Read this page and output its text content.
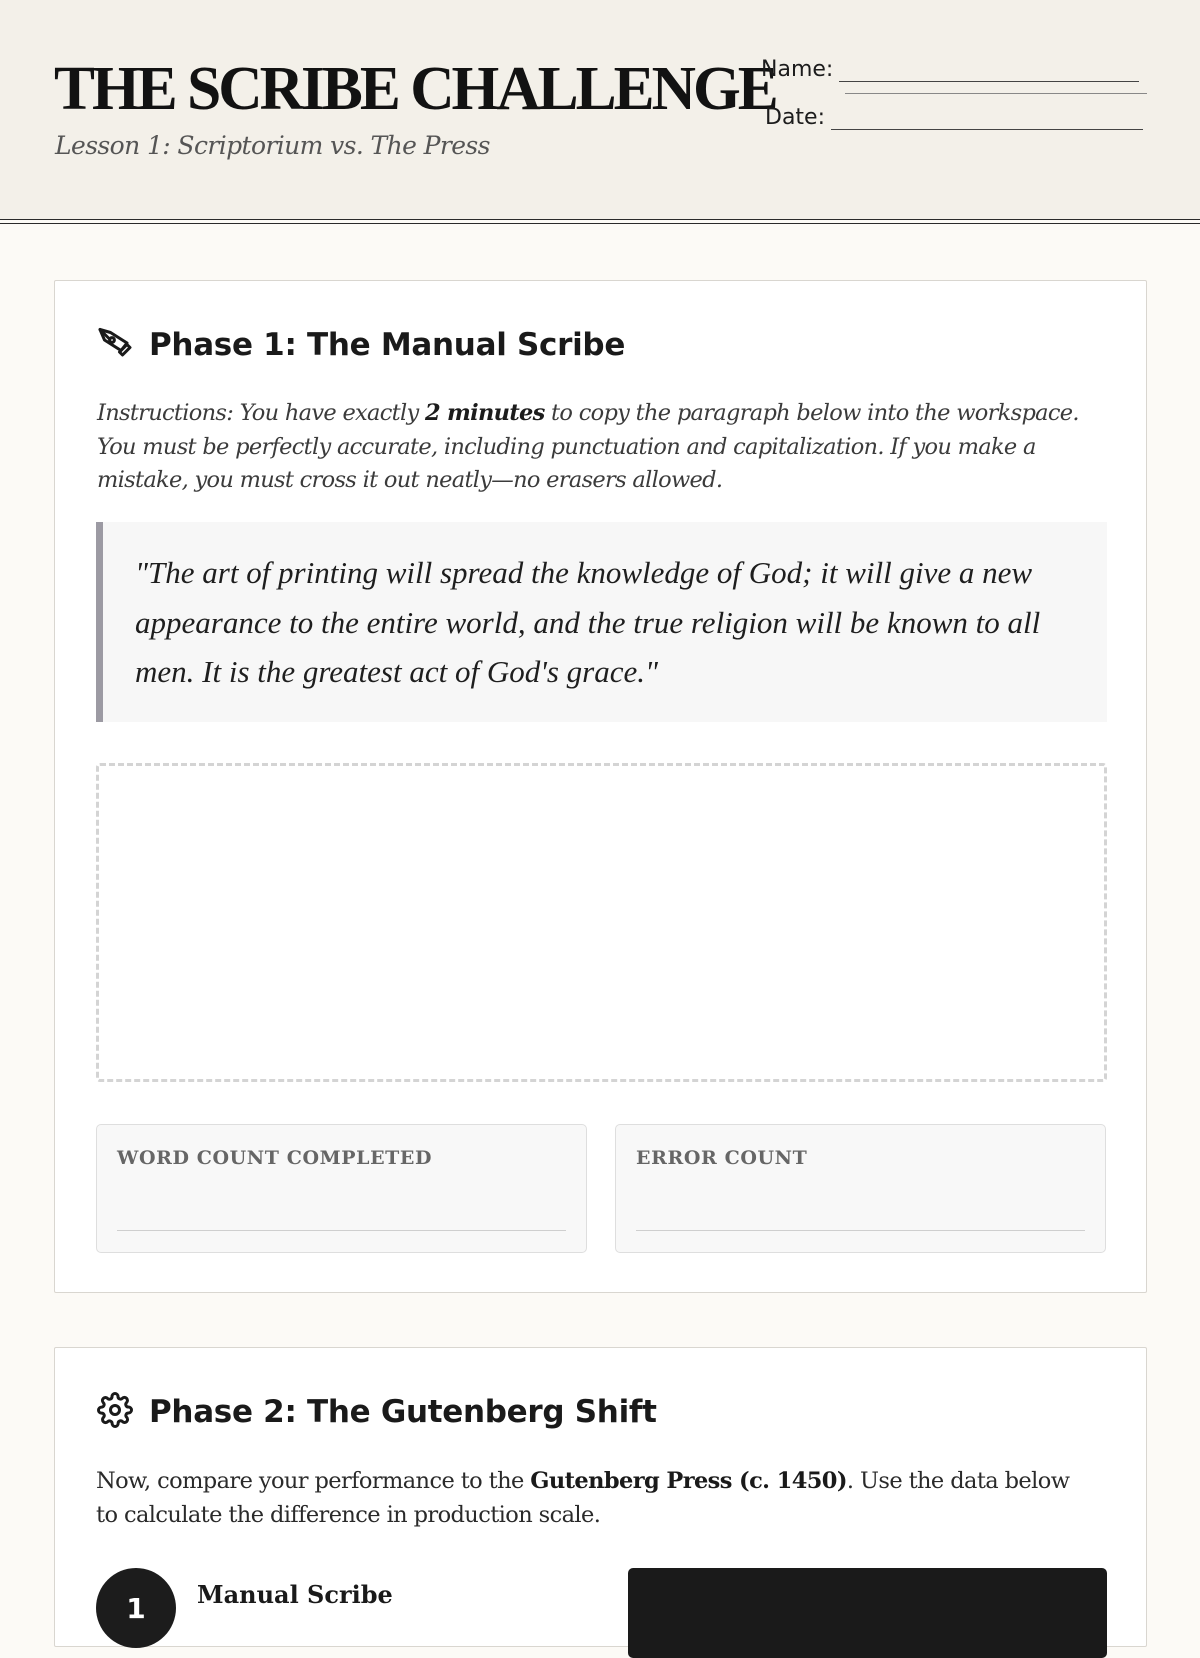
THE SCRIBE CHALLENGE
Lesson 1: Scriptorium vs. The Press
Name:
Date:
Phase 1: The Manual Scribe
Instructions: You have exactly 2 minutes to copy the paragraph below into the workspace. You must be perfectly accurate, including punctuation and capitalization. If you make a mistake, you must cross it out neatly—no erasers allowed.
"The art of printing will spread the knowledge of God; it will give a new appearance to the entire world, and the true religion will be known to all men. It is the greatest act of God's grace."
WORD COUNT COMPLETED	ERROR COUNT
Phase 2: The Gutenberg Shift
Now, compare your performance to the Gutenberg Press (c. 1450). Use the data below to calculate the difference in production scale.
1	Manual Scribe
